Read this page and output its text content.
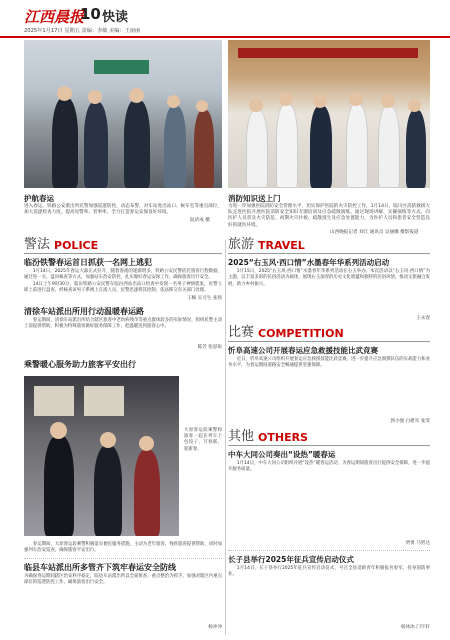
江西晨报
10 快读
2025年1月17日 星期五 责编：李敏 美编：王丽丽
护航春运
进入春运，铁路公安派出所民警加强巡逻防控，动态布警，对车站进出站口、候车室等重点部位，加大巡逻检查力度，提高见警率、管事率，全力打造春运安保良好环境。
阮济成 摄
消防知识送上门
为进一步加强医院消防安全管理水平，切实保护医院的火灾防控工作，1月14日，临川区消防救援大队走进医院开展医院消防安全知识专题培训及应急疏散演练，通过现场讲解、实操演练等方式，向医护人员普及火灾防范、初期火灾扑救、疏散逃生及应急处置能力，为医护人员和患者安全营造良好的就医环境。
山西晚报记者 刘江 通讯员 吴丽娜 摄影报道
警法 POLICE
临汾铁警春运首日抓获一名网上逃犯

1月14日，2025年春运大幕正式拉开，随着客流的逐渐增多，铁路公安民警依托旅客行程数据，通过进一关、盘问核查等方式，加强站车治安防控，扎实做好春运安保工作，确保旅客出行安全。

14日上午9时30分，临汾铁路公安民警在临汾西站出站口检查中发现一名男子神情慌张，民警立即上前进行盘查，经核查该男子系网上在逃人员，民警迅速将其控制，依法移交有关部门处理。

王楠 实习生 张扬
清徐车站派出所用行动温暖春运路

春运期间，清徐车站派出所结合辖区旅客中老幼病残孕等重点群体较多的实际情况，组织民警主动上前提供帮助，积极为特殊旅客做好服务保障工作，把温暖送到旅客心中。

陈芳 张思锐
乘警暖心服务助力旅客平安出行
大原客运段乘警和旅客一起在列车上包饺子、写春联、迎新春。

春运期间，大原客运段乘警积极落实便民服务措施，主动为老年旅客、残疾旅客提供帮助，同时加强列车治安巡查，确保旅客平安出行。

临县车站派出所多管齐下筑牢春运安全防线
为确保春运期间辖区治安秩序稳定，临县车站派出所以全面排查、重点整治为抓手，加强对辖区内重点部位的巡逻防控工作，确保旅客出行安全。
杨冲冲
旅游 TRAVEL
2025“右玉风·西口情”水墨春年华系列活动启动

1月15日，2025“右玉风·西口情”水墨春年华系列活动在右玉举办。本次活动以“右玉风·西口情”为主题，以丰富多彩的民俗活动为载体，展现右玉深厚的历史文化底蕴和独特的民俗风情，推动文旅融合发展，助力乡村振兴。

王永春
比赛 COMPETITION
忻阜高速公司开展春运应急救援技能比武竞赛

近日，忻阜高速公司组织开展春运应急救援技能比武竞赛，进一步提升应急救援队伍的实战能力和业务水平，为春运期间道路安全畅通提供坚强保障。

郭小强 白建军 张雯
其他 OTHERS
中车大同公司奏出“设热”暖春运

1月14日，中车大同公司组织开展“设热”暖春运活动，为春运期间旅客出行提供安全保障，进一步提升服务质量。

贾勇 马智达
长子县举行2025年征兵宣传启动仪式

1月14日，长子县举行2025年征兵宣传启动仪式，号召全县适龄青年积极报名参军，投身国防事业。

杨冰冰 门宇轩
